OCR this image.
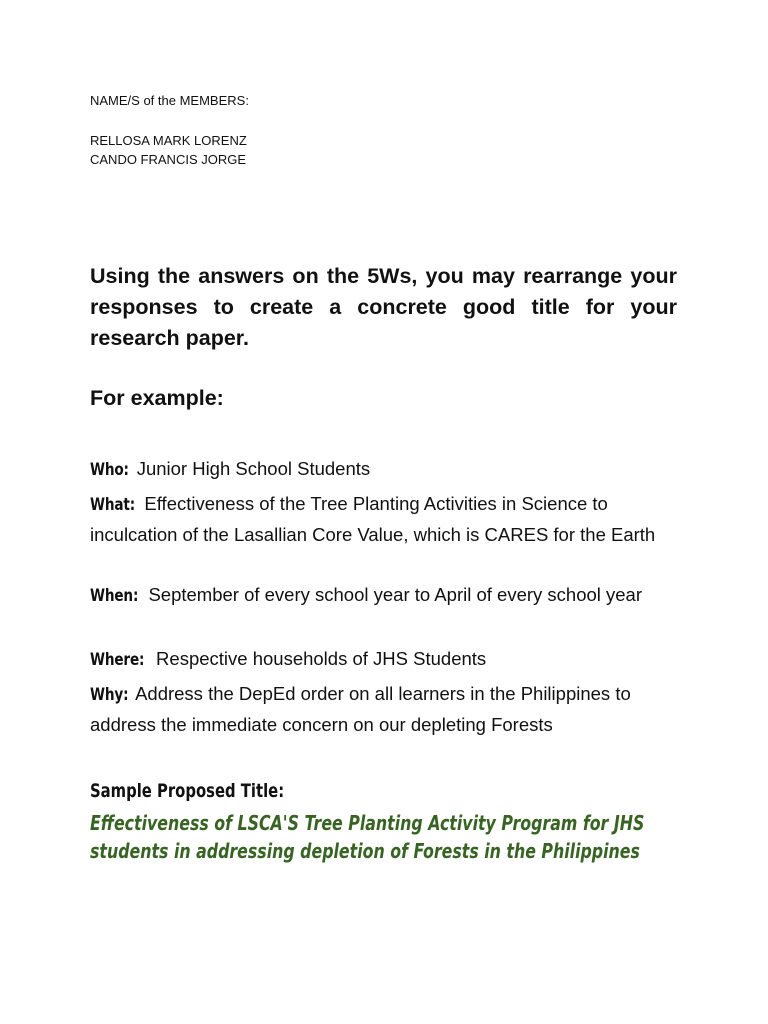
NAME/S of the MEMBERS:
RELLOSA MARK LORENZ
CANDO FRANCIS JORGE
Using the answers on the 5Ws, you may rearrange your responses to create a concrete good title for your research paper.
For example:
Who: Junior High School Students
What: Effectiveness of the Tree Planting Activities in Science to inculcation of the Lasallian Core Value, which is CARES for the Earth
When: September of every school year to April of every school year
Where: Respective households of JHS Students
Why: Address the DepEd order on all learners in the Philippines to address the immediate concern on our depleting Forests
Sample Proposed Title:
Effectiveness of LSCA'S Tree Planting Activity Program for JHS students in addressing depletion of Forests in the Philippines
